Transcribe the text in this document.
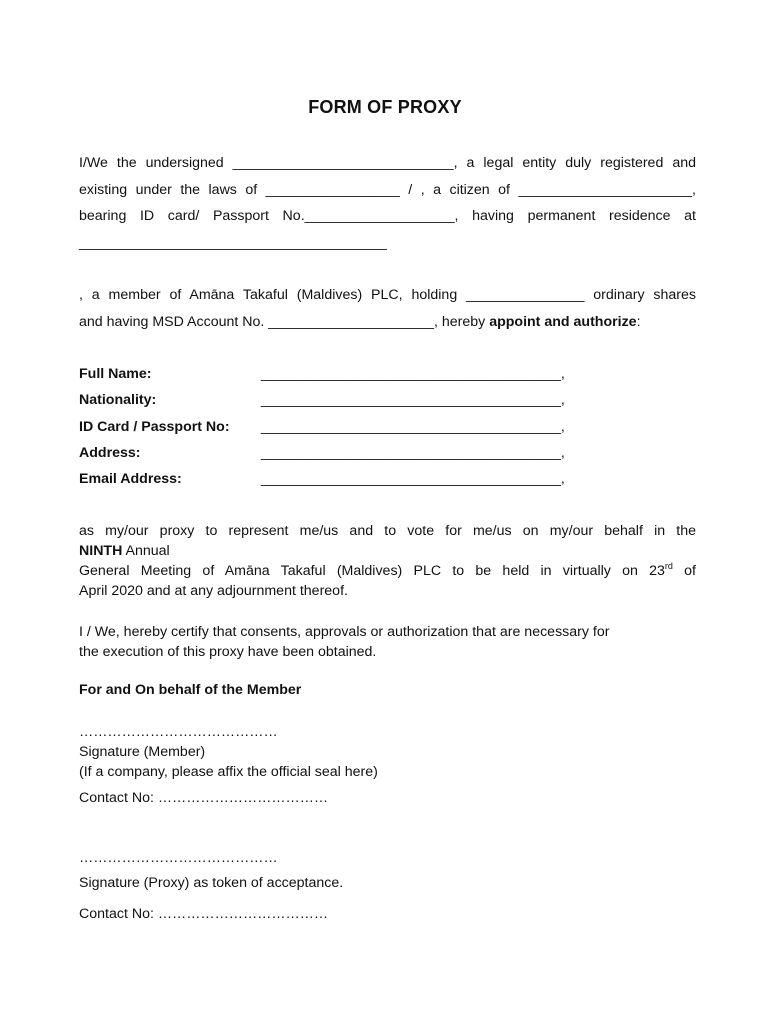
FORM OF PROXY
I/We the undersigned ____________________________, a legal entity duly registered and
existing under the laws of _________________ / , a citizen of ______________________,
bearing ID card/ Passport No.___________________, having permanent residence at
_______________________________________
, a member of Amāna Takaful (Maldives) PLC, holding _______________ ordinary shares
and having MSD Account No. _____________________, hereby appoint and authorize:
Full Name:	______________________________________,
Nationality:	______________________________________,
ID Card / Passport No: ______________________________________,
Address:	______________________________________,
Email Address:	______________________________________,
as my/our proxy to represent me/us and to vote for me/us on my/our behalf in the
NINTH Annual
General Meeting of Amāna Takaful (Maldives) PLC to be held in virtually on 23rd of
April 2020 and at any adjournment thereof.
I / We, hereby certify that consents, approvals or authorization that are necessary for
the execution of this proxy have been obtained.
For and On behalf of the Member
……………………………………
Signature (Member)
(If a company, please affix the official seal here)
Contact No: ………………………………
……………………………………
Signature (Proxy) as token of acceptance.
Contact No: ………………………………
